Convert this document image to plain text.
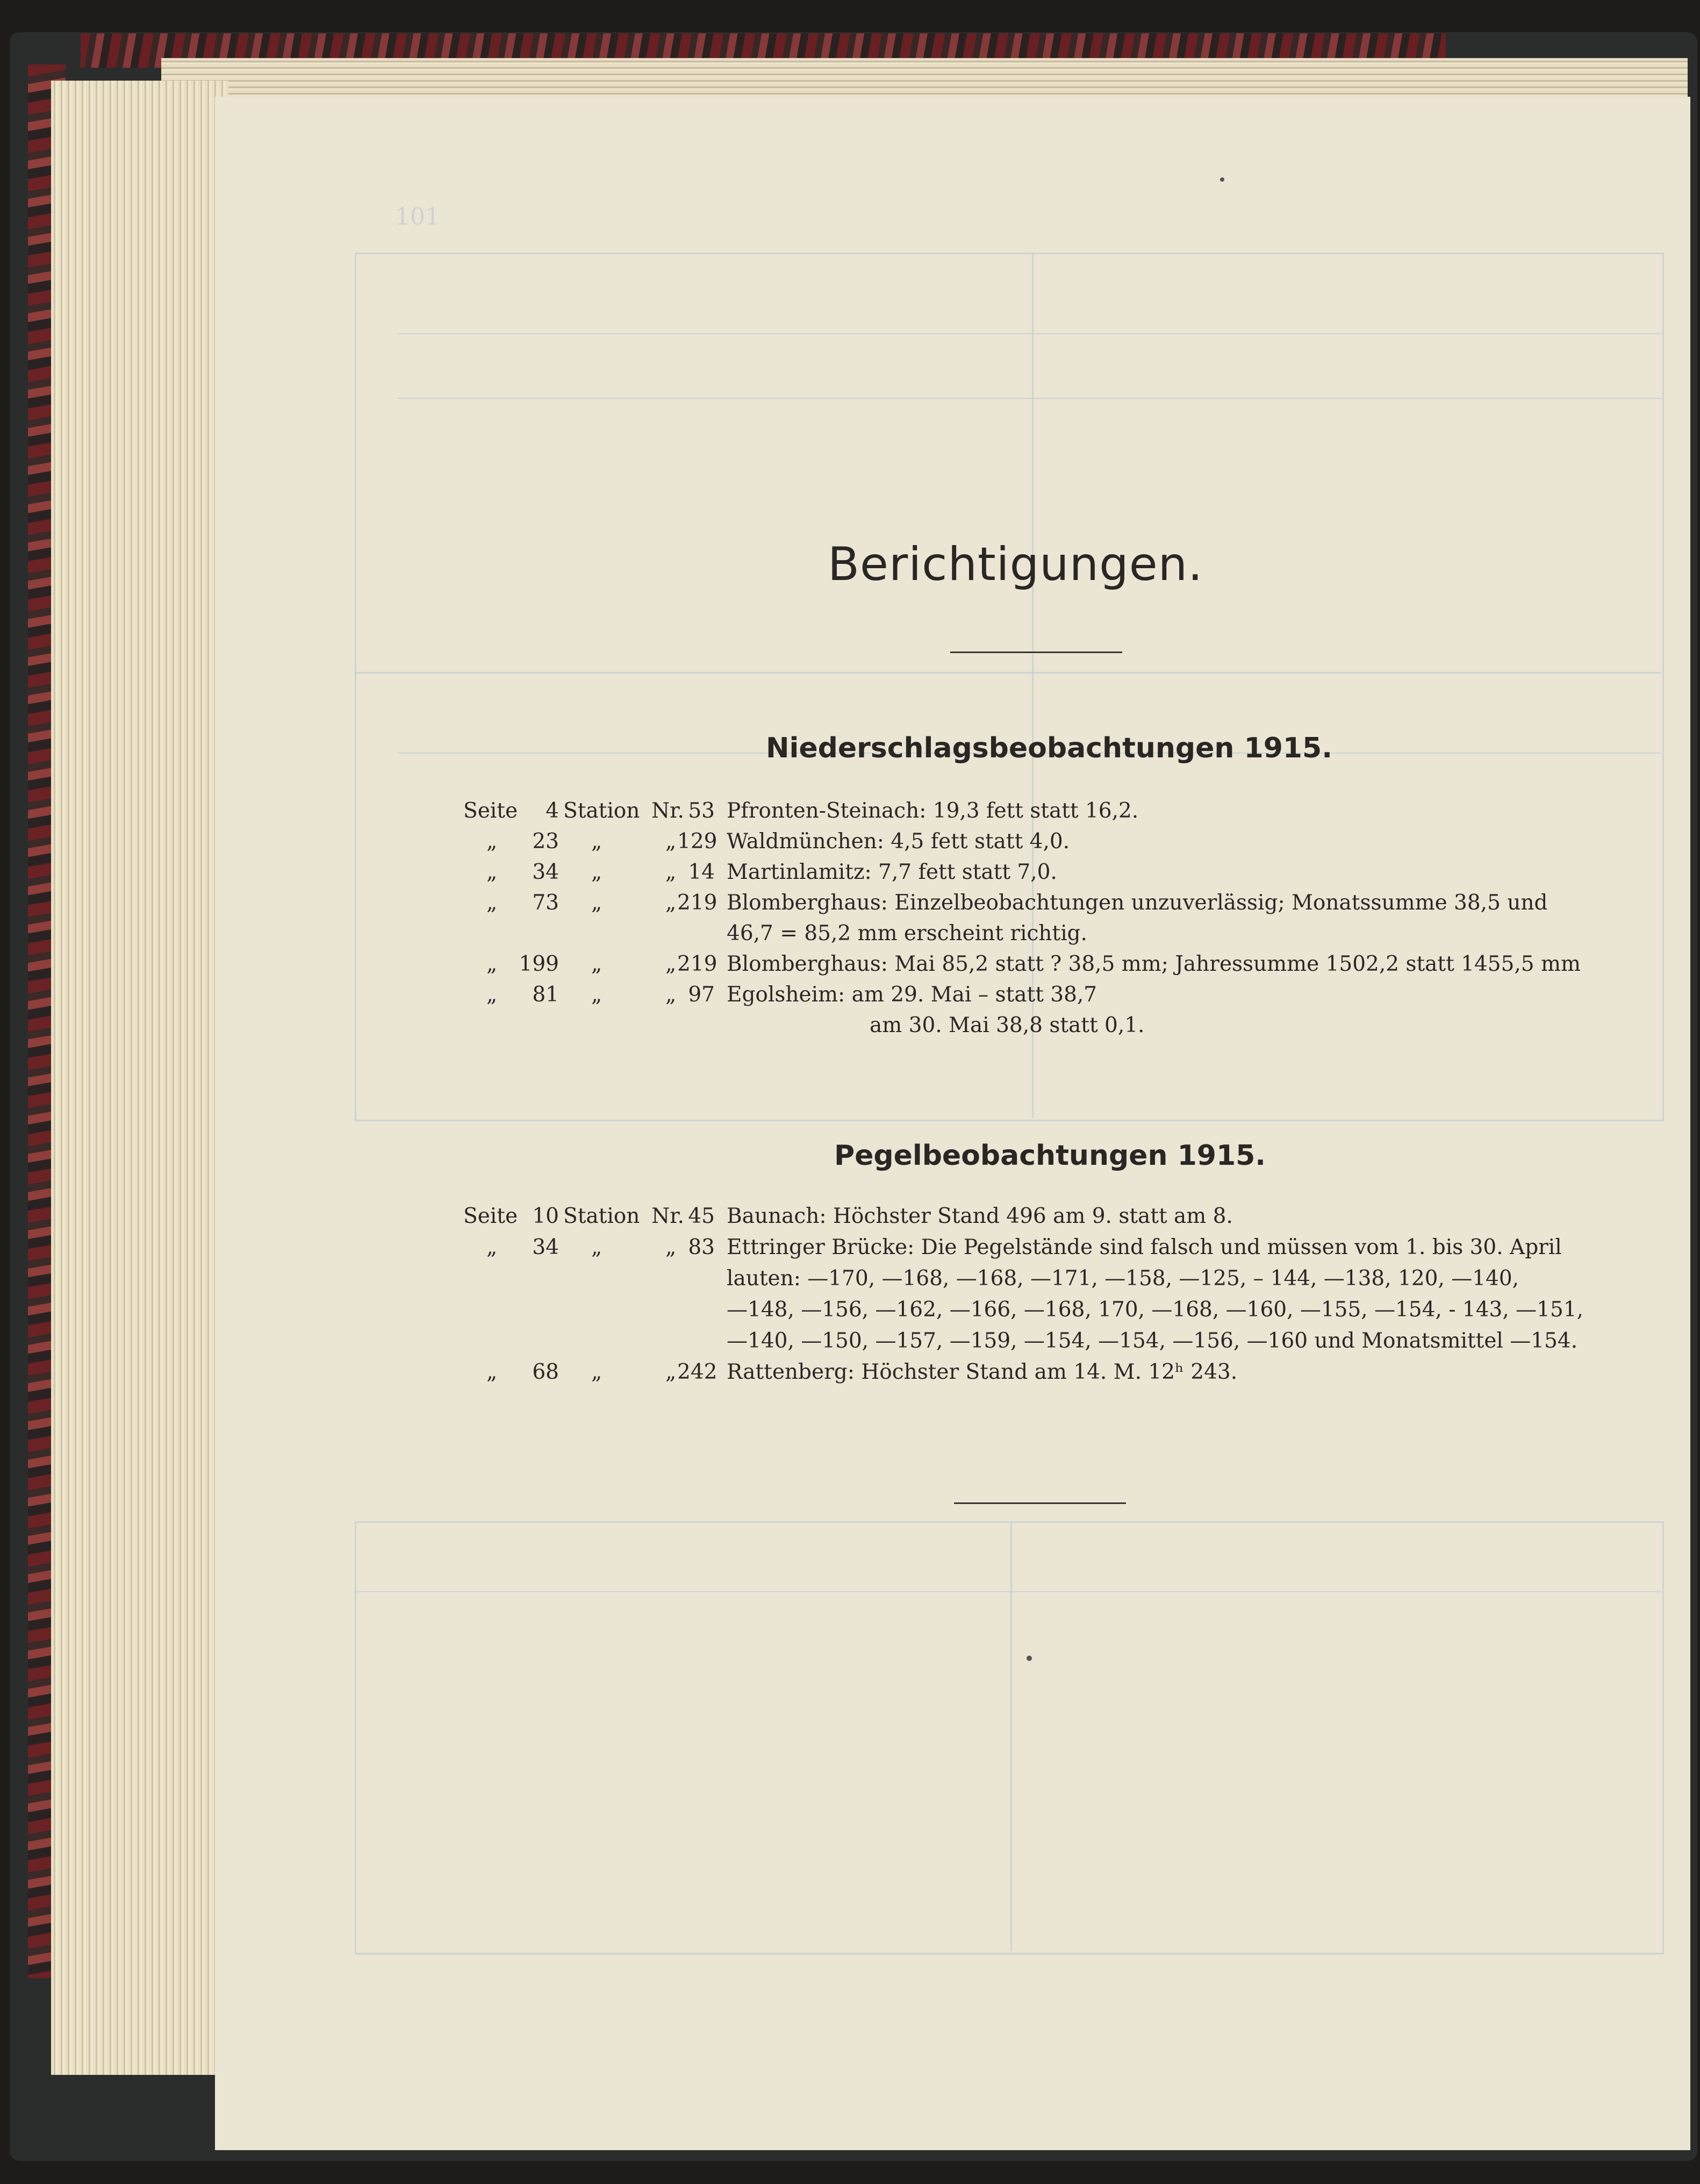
101
Berichtigungen.
Niederschlagsbeobachtungen 1915.
Seite	4 Station Nr. 53 Pfronten-Steinach: 19,3 fett statt 16,2.
„	23 „	„ 129 Waldmünchen: 4,5 fett statt 4,0.
„	34 „	„ 14 Martinlamitz: 7,7 fett statt 7,0.
„	73 „	„ 219 Blomberghaus: Einzelbeobachtungen unzuverlässig; Monatssumme 38,5 und
46,7 = 85,2 mm erscheint richtig.
„ 199 „	„ 219 Blomberghaus: Mai 85,2 statt ? 38,5 mm; Jahressumme 1502,2 statt 1455,5 mm
„	81 „	„ 97 Egolsheim: am 29. Mai – statt 38,7
am 30. Mai 38,8 statt 0,1.
Pegelbeobachtungen 1915.
Seite 10 Station Nr. 45 Baunach: Höchster Stand 496 am 9. statt am 8.
„	34 „	„ 83 Ettringer Brücke: Die Pegelstände sind falsch und müssen vom 1. bis 30. April
lauten: —170, —168, —168, —171, —158, —125, – 144, —138, 120, —140,
—148, —156, —162, —166, —168, 170, —168, —160, —155, —154, - 143, —151,
—140, —150, —157, —159, —154, —154, —156, —160 und Monatsmittel —154.
„	68 „	„ 242 Rattenberg: Höchster Stand am 14. M. 12ʰ 243.
